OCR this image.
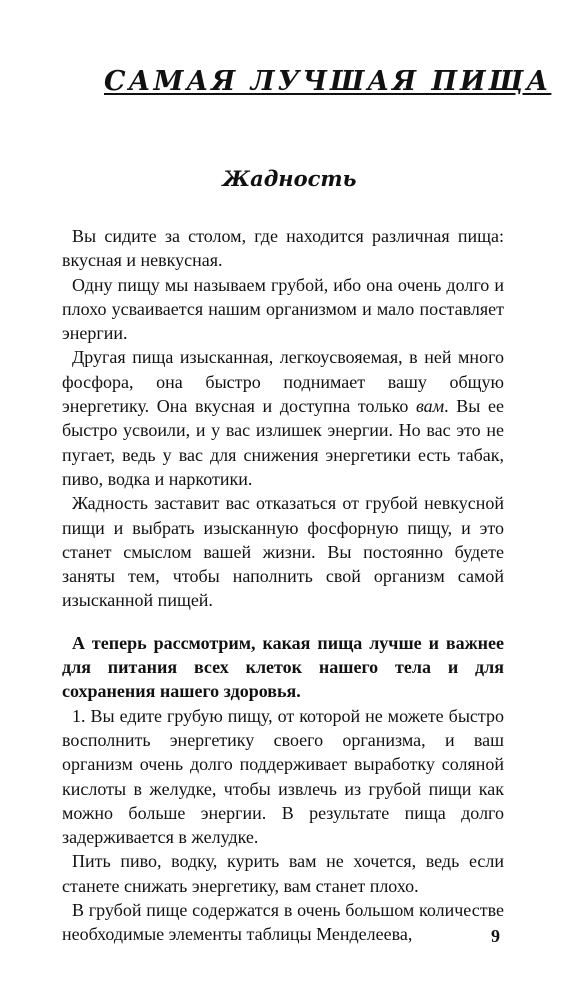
САМАЯ ЛУЧШАЯ ПИЩА
Жадность

Вы сидите за столом, где находится различная пища: вкусная и невкусная.

Одну пищу мы называем грубой, ибо она очень долго и плохо усваивается нашим организмом и мало поставляет энергии.

Другая пища изысканная, легкоусвояемая, в ней много фосфора, она быстро поднимает вашу общую энергетику. Она вкусная и доступна только вам. Вы ее быстро усвоили, и у вас излишек энергии. Но вас это не пугает, ведь у вас для снижения энергетики есть табак, пиво, водка и наркотики.

Жадность заставит вас отказаться от грубой невкусной пищи и выбрать изысканную фосфорную пищу, и это станет смыслом вашей жизни. Вы постоянно будете заняты тем, чтобы наполнить свой организм самой изысканной пищей.

А теперь рассмотрим, какая пища лучше и важнее для питания всех клеток нашего тела и для сохранения нашего здоровья.

1. Вы едите грубую пищу, от которой не можете быстро восполнить энергетику своего организма, и ваш организм очень долго поддерживает выработку соляной кислоты в желудке, чтобы извлечь из грубой пищи как можно больше энергии. В результате пища долго задерживается в желудке.

Пить пиво, водку, курить вам не хочется, ведь если станете снижать энергетику, вам станет плохо.

В грубой пище содержатся в очень большом количестве необходимые элементы таблицы Менделеева,	9
